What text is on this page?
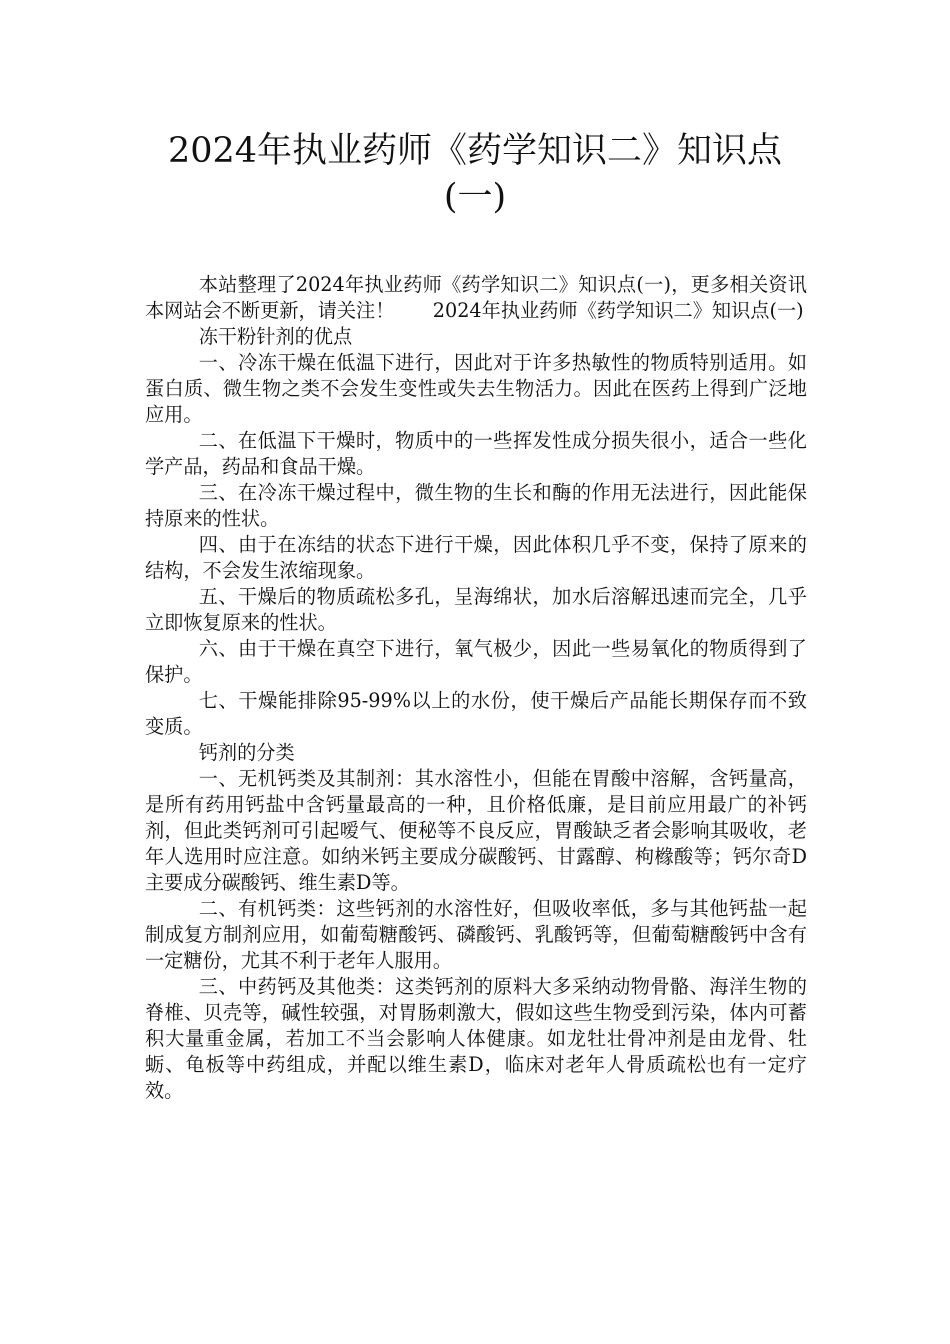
2024年执业药师《药学知识二》知识点
(一)

本站整理了2024年执业药师《药学知识二》知识点(一)，更多相关资讯本网站会不断更新，请关注！　　2024年执业药师《药学知识二》知识点(一)

冻干粉针剂的优点

一、冷冻干燥在低温下进行，因此对于许多热敏性的物质特别适用。如蛋白质、微生物之类不会发生变性或失去生物活力。因此在医药上得到广泛地应用。

二、在低温下干燥时，物质中的一些挥发性成分损失很小，适合一些化学产品，药品和食品干燥。

三、在冷冻干燥过程中，微生物的生长和酶的作用无法进行，因此能保持原来的性状。

四、由于在冻结的状态下进行干燥，因此体积几乎不变，保持了原来的结构，不会发生浓缩现象。

五、干燥后的物质疏松多孔，呈海绵状，加水后溶解迅速而完全，几乎立即恢复原来的性状。

六、由于干燥在真空下进行，氧气极少，因此一些易氧化的物质得到了保护。

七、干燥能排除95-99%以上的水份，使干燥后产品能长期保存而不致变质。

钙剂的分类

一、无机钙类及其制剂：其水溶性小，但能在胃酸中溶解，含钙量高，是所有药用钙盐中含钙量最高的一种，且价格低廉，是目前应用最广的补钙剂，但此类钙剂可引起嗳气、便秘等不良反应，胃酸缺乏者会影响其吸收，老年人选用时应注意。如纳米钙主要成分碳酸钙、甘露醇、枸橼酸等；钙尔奇D主要成分碳酸钙、维生素D等。

二、有机钙类：这些钙剂的水溶性好，但吸收率低，多与其他钙盐一起制成复方制剂应用，如葡萄糖酸钙、磷酸钙、乳酸钙等，但葡萄糖酸钙中含有一定糖份，尤其不利于老年人服用。

三、中药钙及其他类：这类钙剂的原料大多采纳动物骨骼、海洋生物的脊椎、贝壳等，碱性较强，对胃肠刺激大，假如这些生物受到污染，体内可蓄积大量重金属，若加工不当会影响人体健康。如龙牡壮骨冲剂是由龙骨、牡蛎、龟板等中药组成，并配以维生素D，临床对老年人骨质疏松也有一定疗效。
